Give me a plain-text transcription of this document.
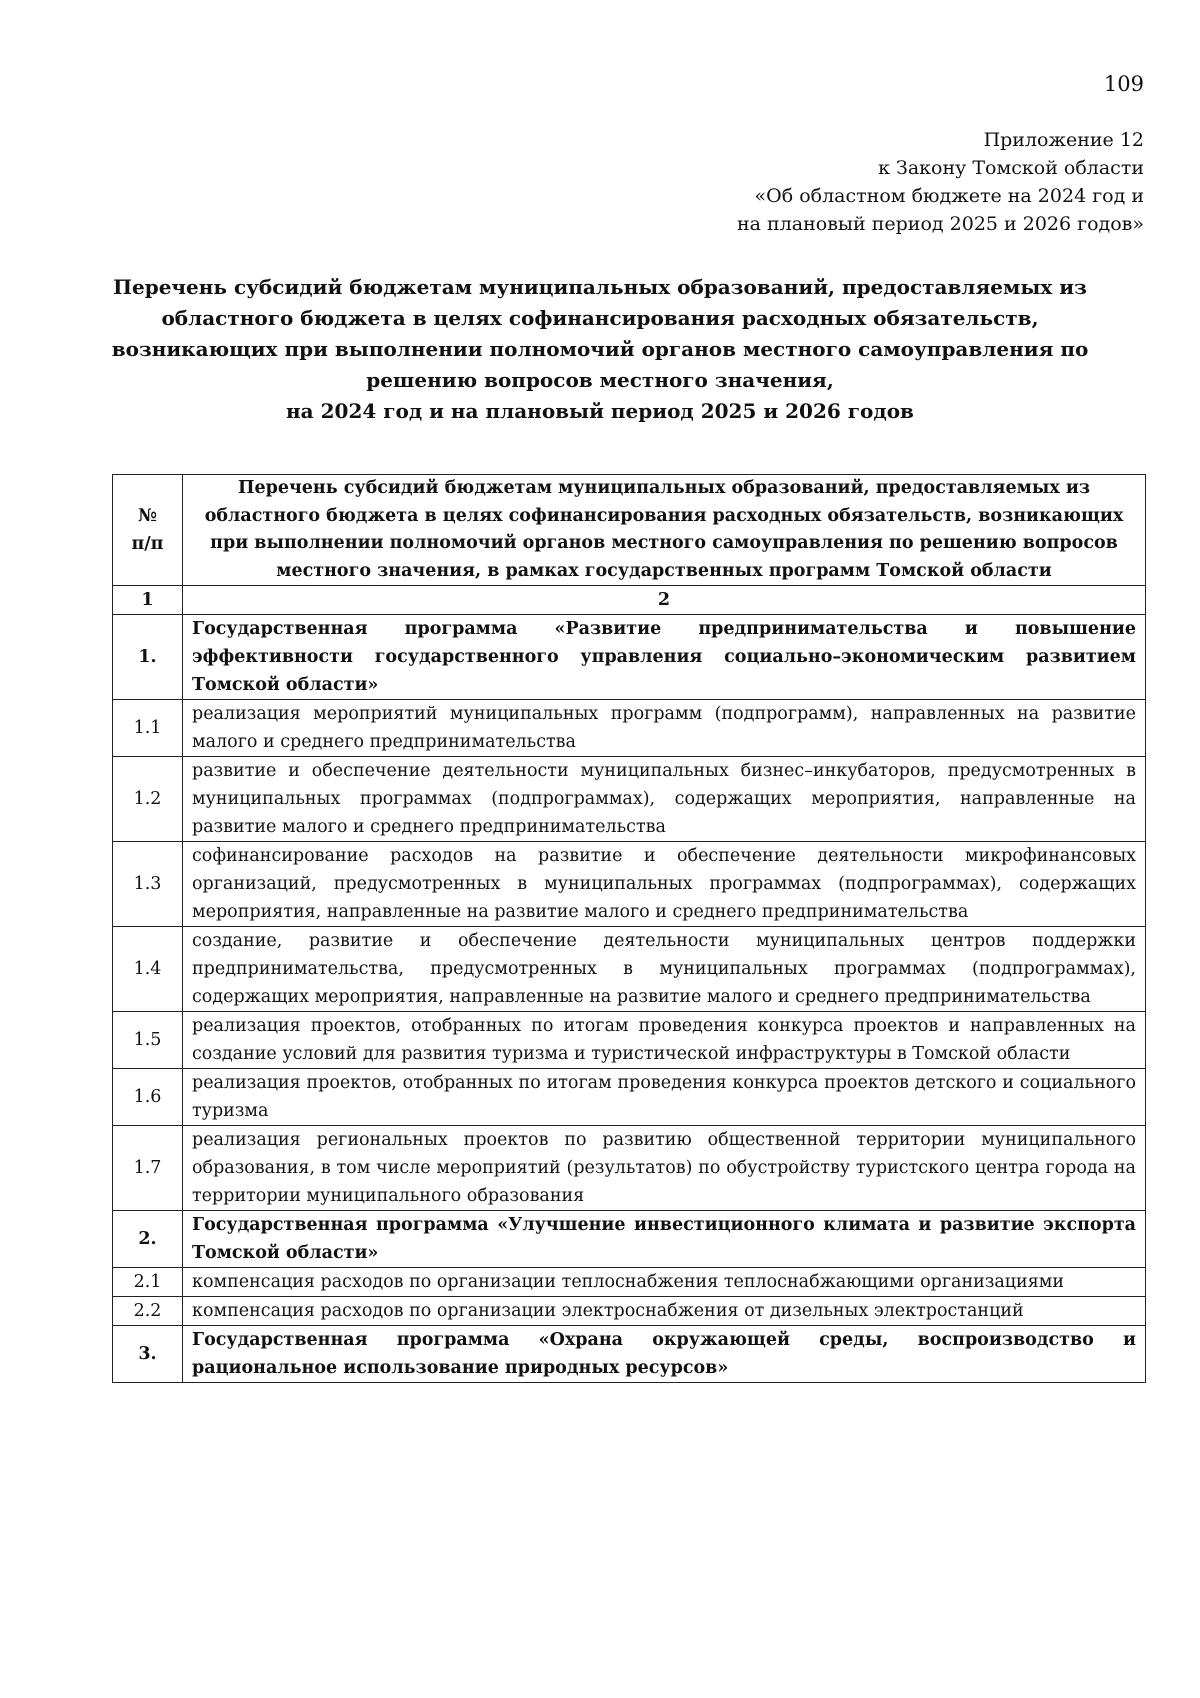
109
Приложение 12
к Закону Томской области
«Об областном бюджете на 2024 год и
на плановый период 2025 и 2026 годов»
Перечень субсидий бюджетам муниципальных образований, предоставляемых из
областного бюджета в целях софинансирования расходных обязательств,
возникающих при выполнении полномочий органов местного самоуправления по
решению вопросов местного значения,
на 2024 год и на плановый период 2025 и 2026 годов
№
п/п	Перечень субсидий бюджетам муниципальных образований, предоставляемых из областного бюджета в целях софинансирования расходных обязательств, возникающих при выполнении полномочий органов местного самоуправления по решению вопросов местного значения, в рамках государственных программ Томской области
1	2
1.	Государственная программа «Развитие предпринимательства и повышение эффективности государственного управления социально–экономическим развитием Томской области»
1.1	реализация мероприятий муниципальных программ (подпрограмм), направленных на развитие малого и среднего предпринимательства
1.2	развитие и обеспечение деятельности муниципальных бизнес–инкубаторов, предусмотренных в муниципальных программах (подпрограммах), содержащих мероприятия, направленные на развитие малого и среднего предпринимательства
1.3	софинансирование расходов на развитие и обеспечение деятельности микрофинансовых организаций, предусмотренных в муниципальных программах (подпрограммах), содержащих мероприятия, направленные на развитие малого и среднего предпринимательства
1.4	создание, развитие и обеспечение деятельности муниципальных центров поддержки предпринимательства, предусмотренных в муниципальных программах (подпрограммах), содержащих мероприятия, направленные на развитие малого и среднего предпринимательства
1.5	реализация проектов, отобранных по итогам проведения конкурса проектов и направленных на создание условий для развития туризма и туристической инфраструктуры в Томской области
1.6	реализация проектов, отобранных по итогам проведения конкурса проектов детского и социального туризма
1.7	реализация региональных проектов по развитию общественной территории муниципального образования, в том числе мероприятий (результатов) по обустройству туристского центра города на территории муниципального образования
2.	Государственная программа «Улучшение инвестиционного климата и развитие экспорта Томской области»
2.1	компенсация расходов по организации теплоснабжения теплоснабжающими организациями
2.2	компенсация расходов по организации электроснабжения от дизельных электростанций
3.	Государственная программа «Охрана окружающей среды, воспроизводство и рациональное использование природных ресурсов»
